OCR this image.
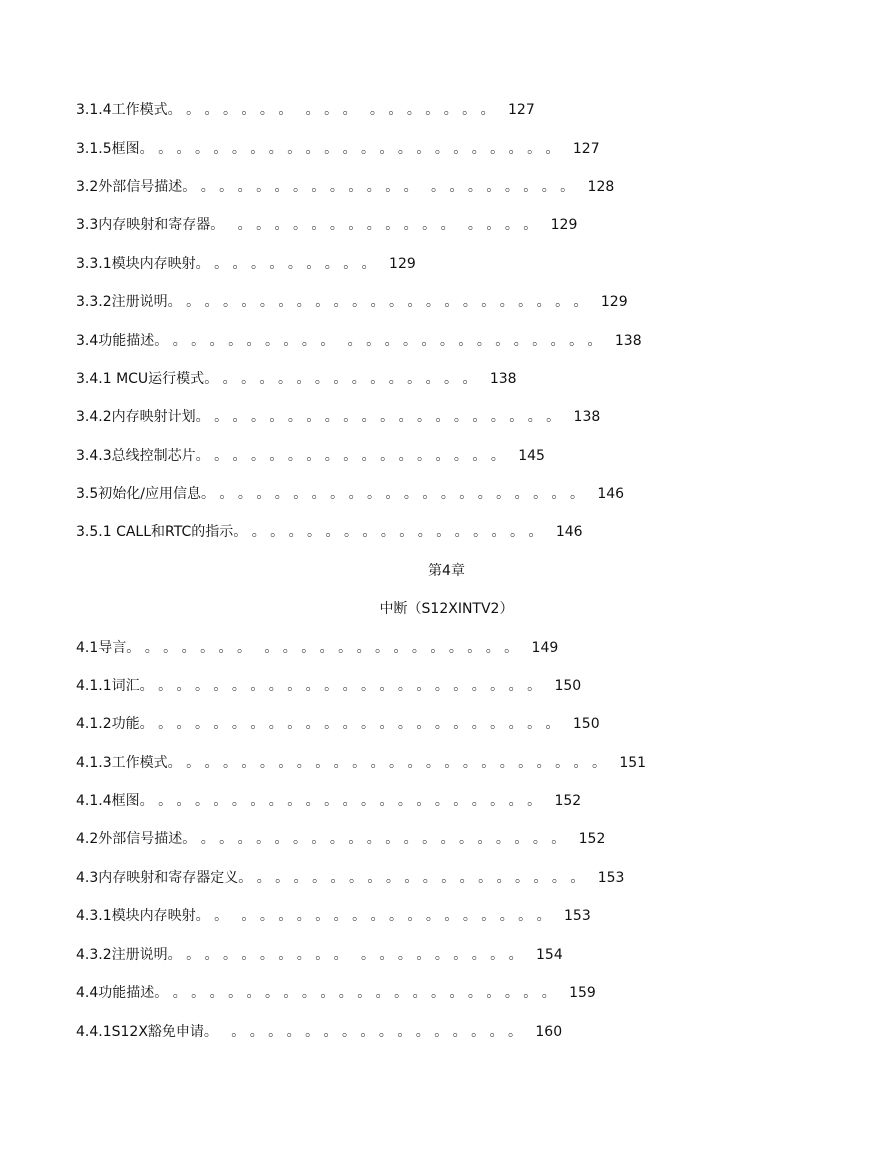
3.1.4工作模式。 。 。 。 。 。 。   。 。 。   。 。 。 。 。 。 。 127
3.1.5框图。 。 。 。 。 。 。 。 。 。 。 。 。 。 。 。 。 。 。 。 。 。 。 127
3.2外部信号描述。 。 。 。 。 。 。 。 。 。 。 。 。   。 。 。 。 。 。 。 。 128
3.3内存映射和寄存器。   。 。 。 。 。 。 。 。 。 。 。 。   。 。 。 。 129
3.3.1模块内存映射。 。 。 。 。 。 。 。 。 。 129
3.3.2注册说明。 。 。 。 。 。 。 。 。 。 。 。 。 。 。 。 。 。 。 。 。 。 。 129
3.4功能描述。 。 。 。 。 。 。 。 。 。   。 。 。 。 。 。 。 。 。 。 。 。 。 。 138
3.4.1 MCU运行模式。 。 。 。 。 。 。 。 。 。 。 。 。 。 。 138
3.4.2内存映射计划。 。 。 。 。 。 。 。 。 。 。 。 。 。 。 。 。 。 。 。 138
3.4.3总线控制芯片。 。 。 。 。 。 。 。 。 。 。 。 。 。 。 。 。 145
3.5初始化/应用信息。 。 。 。 。 。 。 。 。 。 。 。 。 。 。 。 。 。 。 。 。 146
3.5.1 CALL和RTC的指示。 。 。 。 。 。 。 。 。 。 。 。 。 。 。 。 。 146
第4章
中断（S12XINTV2）
4.1导言。 。 。 。 。 。 。   。 。 。 。 。 。 。 。 。 。 。 。 。 。 149
4.1.1词汇。 。 。 。 。 。 。 。 。 。 。 。 。 。 。 。 。 。 。 。 。 。 150
4.1.2功能。 。 。 。 。 。 。 。 。 。 。 。 。 。 。 。 。 。 。 。 。 。 。 150
4.1.3工作模式。 。 。 。 。 。 。 。 。 。 。 。 。 。 。 。 。 。 。 。 。 。 。 。 151
4.1.4框图。 。 。 。 。 。 。 。 。 。 。 。 。 。 。 。 。 。 。 。 。 。 152
4.2外部信号描述。 。 。 。 。 。 。 。 。 。 。 。 。 。 。 。 。 。 。 。 。 152
4.3内存映射和寄存器定义。 。 。 。 。 。 。 。 。 。 。 。 。 。 。 。 。 。 。 153
4.3.1模块内存映射。 。   。 。 。 。 。 。 。 。 。 。 。 。 。 。 。 。 。 153
4.3.2注册说明。 。 。 。 。 。 。 。 。 。   。 。 。 。 。 。 。 。 。 154
4.4功能描述。 。 。 。 。 。 。 。 。 。 。 。 。 。 。 。 。 。 。 。 。 。 159
4.4.1S12X豁免申请。   。 。 。 。 。 。 。 。 。 。 。 。 。 。 。 。 160
